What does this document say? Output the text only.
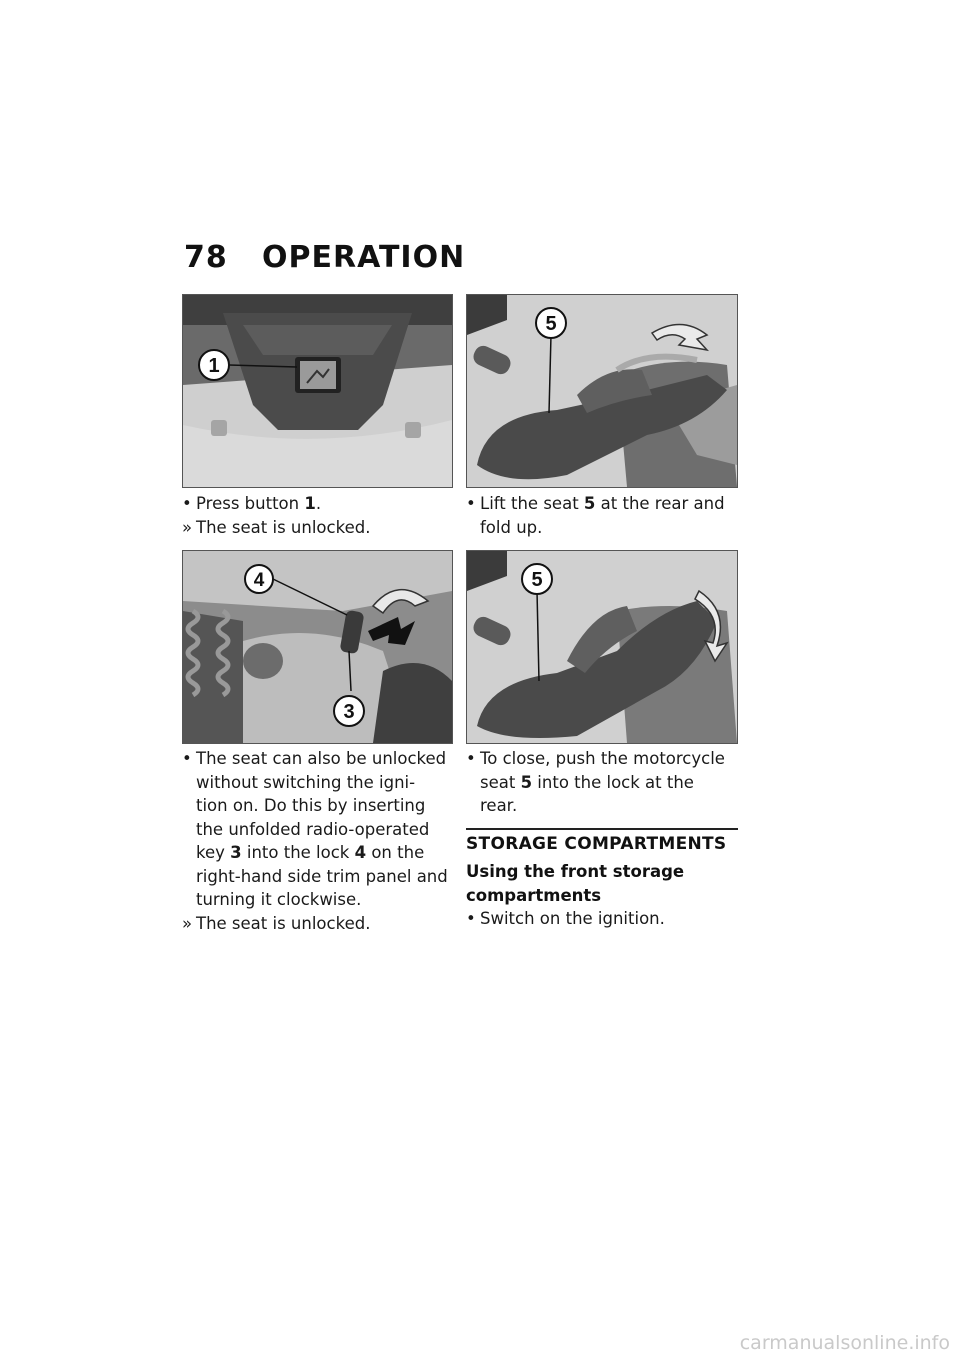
78 OPERATION
1
4
3
5
5

• Press button 1.

» The seat is unlocked.

• The seat can also be unlocked

without switching the igni-

tion on. Do this by inserting

the unfolded radio-operated

key 3 into the lock 4 on the

right-hand side trim panel and

turning it clockwise.

» The seat is unlocked.

• Lift the seat 5 at the rear and

fold up.

• To close, push the motorcycle

seat 5 into the lock at the

rear.

STORAGE COMPARTMENTS
Using the front storage compartments

• Switch on the ignition.

carmanualsonline.info
